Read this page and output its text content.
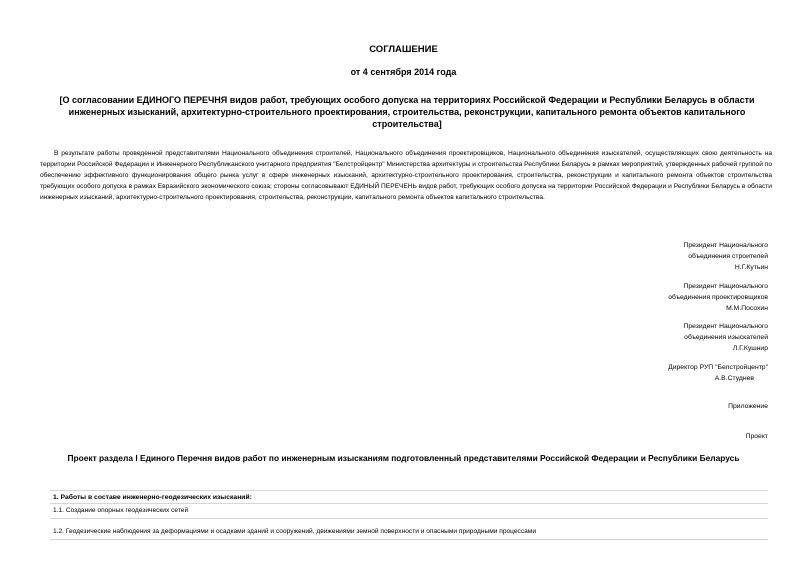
СОГЛАШЕНИЕ
от 4 сентября 2014 года
[О согласовании ЕДИНОГО ПЕРЕЧНЯ видов работ, требующих особого допуска на территориях Российской Федерации и Республики Беларусь в области инженерных изысканий, архитектурно-строительного проектирования, строительства, реконструкции, капитального ремонта объектов капитального строительства]
В результате работы проведенной представителями Национального объединения строителей, Национального объединения проектировщиков, Национального объединения изыскателей, осуществляющих свою деятельность на территории Российской Федерации и Инженерного Республиканского унитарного предприятия "Белстройцентр" Министерства архитектуры и строительства Республики Беларусь в рамках мероприятий, утвержденных рабочей группой по обеспечению эффективного функционирования общего рынка услуг в сфере инженерных изысканий, архитектурно-строительного проектирования, строительства, реконструкции и капитального ремонта объектов строительства требующих особого допуска в рамках Евразийского экономического союза; стороны согласовывают ЕДИНЫЙ ПЕРЕЧЕНЬ видов работ, требующих особого допуска на территории Российской Федерации и Республики Беларусь в области инженерных изысканий, архитектурно-строительного проектирования, строительства, реконструкции, капитального ремонта объектов капитального строительства.
Президент Национального
объединения строителей
Н.Г.Кутьин
Президент Национального
объединения проектировщиков
М.М.Посохин
Президент Национального
объединения изыскателей
Л.Г.Кушнир
Директор РУП "Белстройцентр"
А.В.Студнев
Приложение
Проект
Проект раздела I Единого Перечня видов работ по инженерным изысканиям подготовленный представителями Российской Федерации и Республики Беларусь
1. Работы в составе инженерно-геодезических изысканий:
1.1. Создание опорных геодезических сетей
1.2. Геодезические наблюдения за деформациями и осадками зданий и сооружений, движениями земной поверхности и опасными природными процессами
